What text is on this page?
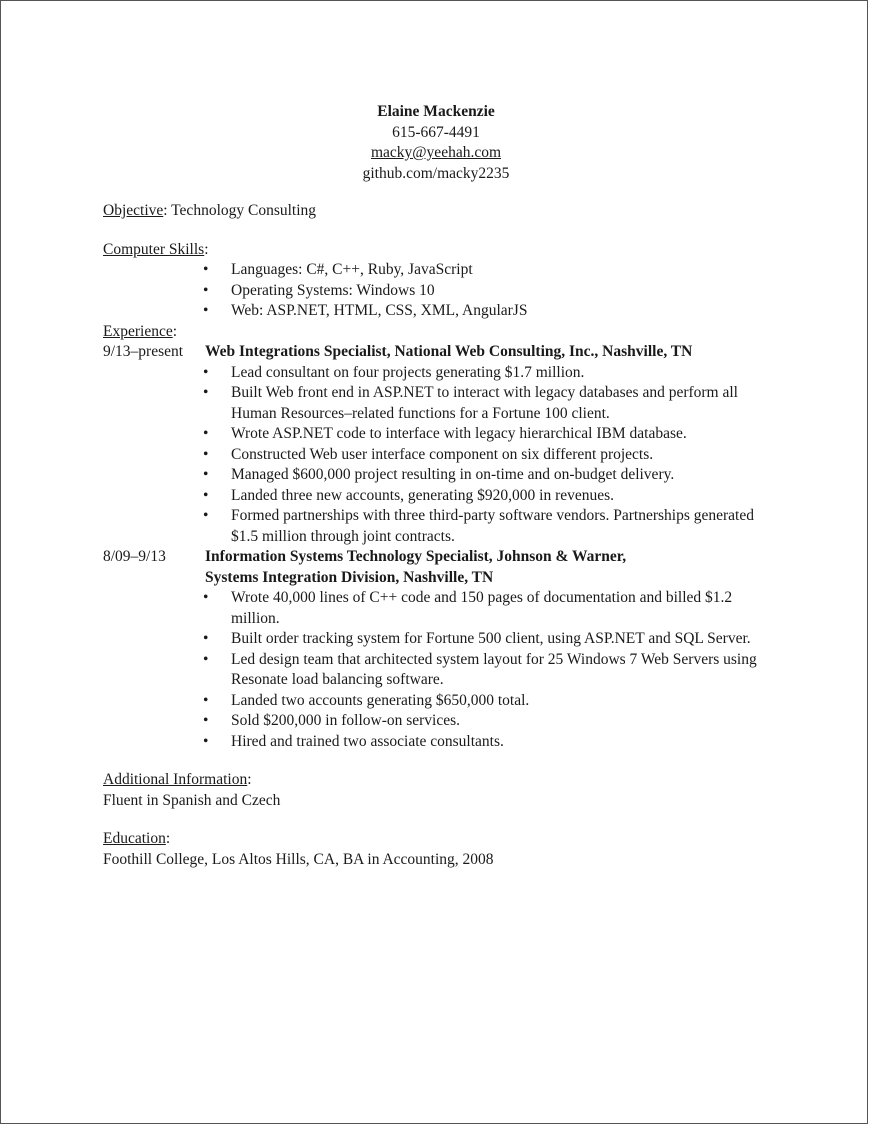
Elaine Mackenzie
615-667-4491
macky@yeehah.com
github.com/macky2235
Objective: Technology Consulting
Computer Skills:
• Languages: C#, C++, Ruby, JavaScript
• Operating Systems: Windows 10
• Web: ASP.NET, HTML, CSS, XML, AngularJS
Experience:
9/13–present Web Integrations Specialist, National Web Consulting, Inc., Nashville, TN
• Lead consultant on four projects generating $1.7 million.
• Built Web front end in ASP.NET to interact with legacy databases and perform all Human Resources–related functions for a Fortune 100 client.
• Wrote ASP.NET code to interface with legacy hierarchical IBM database.
• Constructed Web user interface component on six different projects.
• Managed $600,000 project resulting in on-time and on-budget delivery.
• Landed three new accounts, generating $920,000 in revenues.
• Formed partnerships with three third-party software vendors. Partnerships generated $1.5 million through joint contracts.
8/09–9/13	Information Systems Technology Specialist, Johnson & Warner,
Systems Integration Division, Nashville, TN
• Wrote 40,000 lines of C++ code and 150 pages of documentation and billed $1.2 million.
• Built order tracking system for Fortune 500 client, using ASP.NET and SQL Server.
• Led design team that architected system layout for 25 Windows 7 Web Servers using Resonate load balancing software.
• Landed two accounts generating $650,000 total.
• Sold $200,000 in follow-on services.
• Hired and trained two associate consultants.
Additional Information:
Fluent in Spanish and Czech
Education:
Foothill College, Los Altos Hills, CA, BA in Accounting, 2008
